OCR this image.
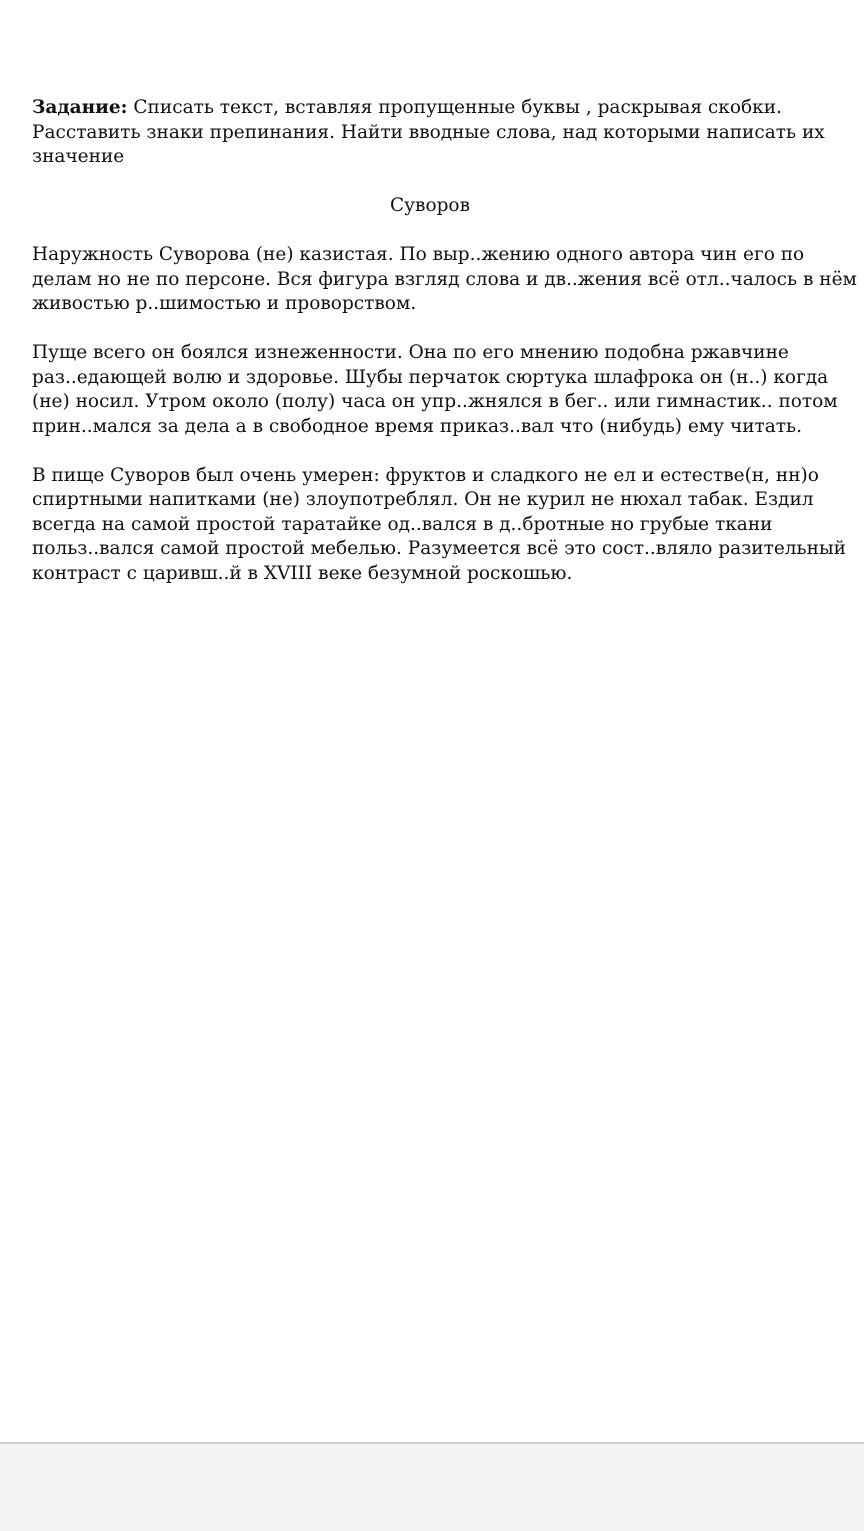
Задание: Списать текст, вставляя пропущенные буквы , раскрывая скобки. Расставить знаки препинания. Найти вводные слова, над которыми написать их значение

Суворов

Наружность Суворова (не) казистая. По выр..жению одного автора чин его по делам но не по персоне. Вся фигура взгляд слова и дв..жения всё отл..чалось в нём живостью р..шимостью и проворством.

Пуще всего он боялся изнеженности. Она по его мнению подобна ржавчине раз..едающей волю и здоровье. Шубы перчаток сюртука шлафрока он (н..) когда (не) носил. Утром около (полу) часа он упр..жнялся в бег.. или гимнастик.. потом прин..мался за дела а в свободное время приказ..вал что (нибудь) ему читать.

В пище Суворов был очень умерен: фруктов и сладкого не ел и естестве(н, нн)о спиртными напитками (не) злоупотреблял. Он не курил не нюхал табак. Ездил всегда на самой простой таратайке од..вался в д..бротные но грубые ткани польз..вался самой простой мебелью. Разумеется всё это сост..вляло разительный контраст с царивш..й в XVIII веке безумной роскошью.
